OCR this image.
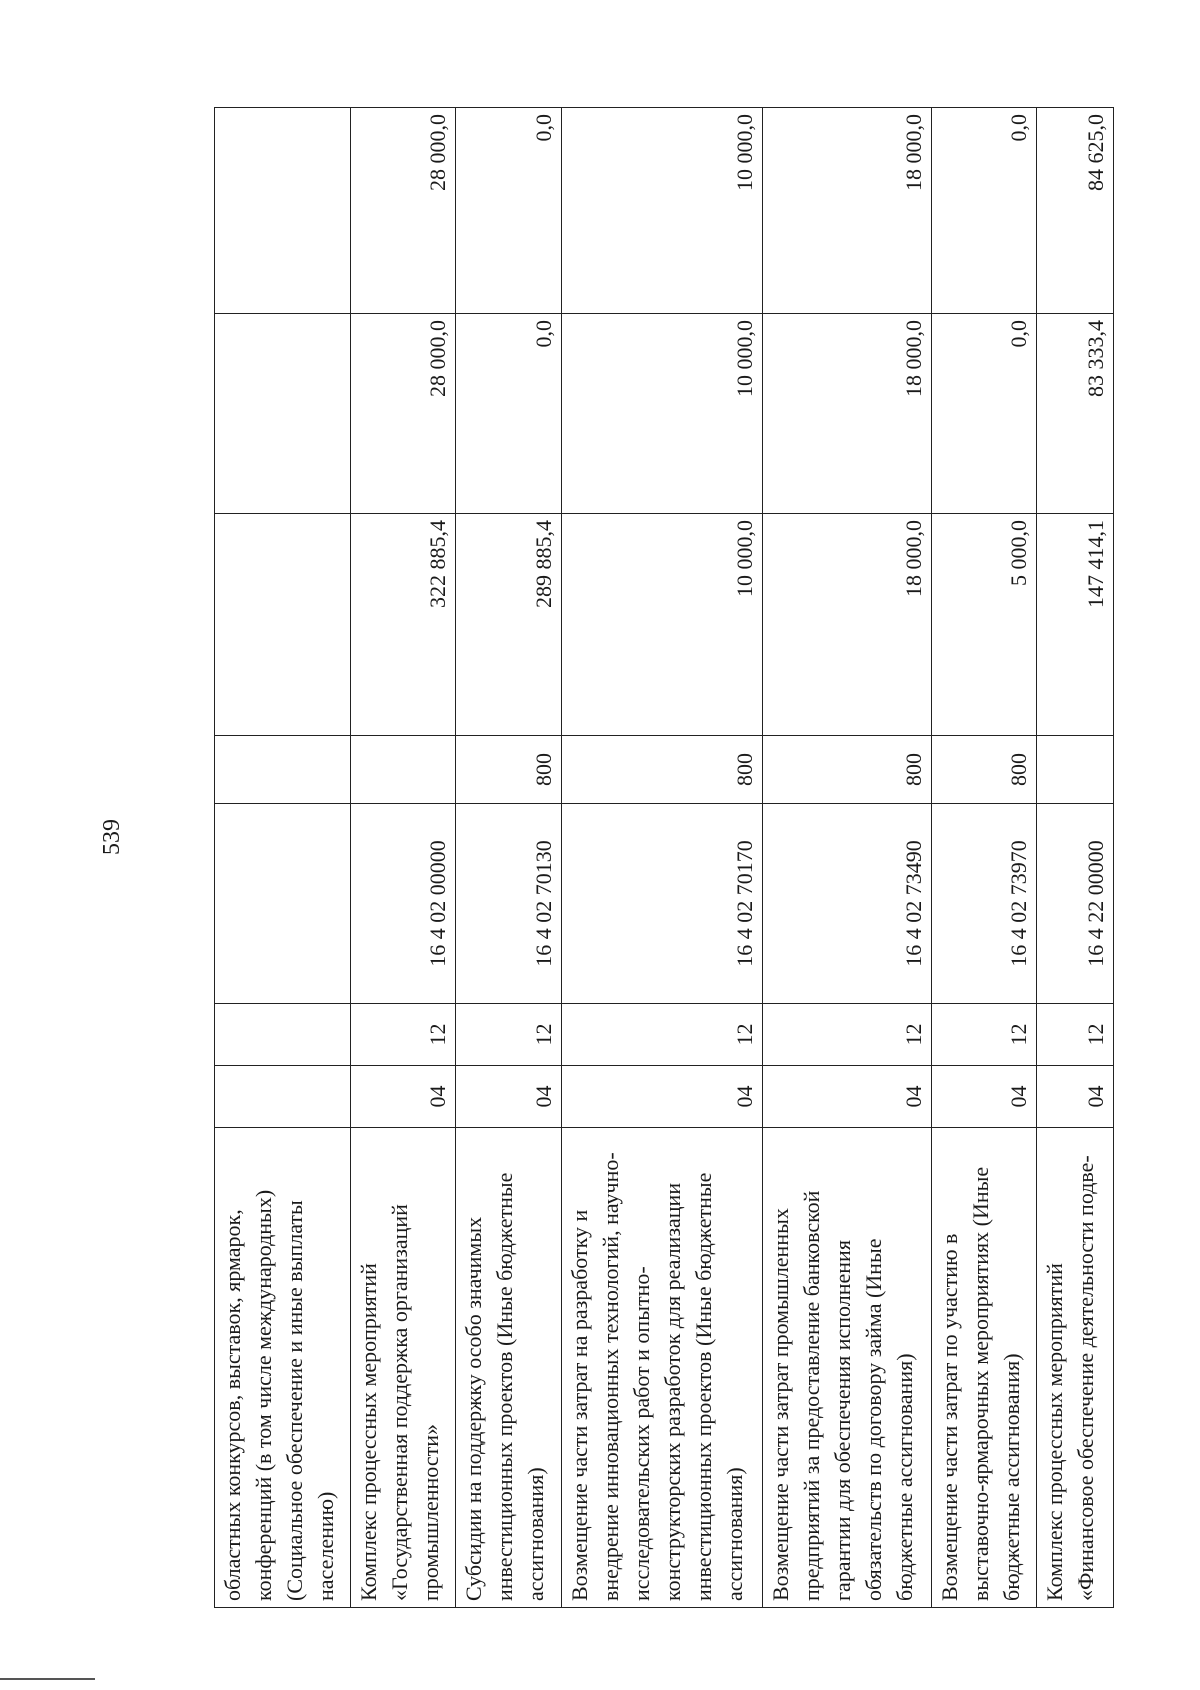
539
областных конкурсов, выставок, ярмарок, конференций (в том числе международных) (Социальное обеспечение и иные выплаты населению)							
Комплекс процессных мероприятий «Государственная поддержка организаций промышленности»	04	12	16 4 02 00000		322 885,4	28 000,0	28 000,0
Субсидии на поддержку особо значимых инвестиционных проектов (Иные бюджетные ассигнования)	04	12	16 4 02 70130	800	289 885,4	0,0	0,0
Возмещение части затрат на разработку и внедрение инновационных технологий, научно-исследовательских работ и опытно-конструкторских разработок для реализации инвестиционных проектов (Иные бюджетные ассигнования)	04	12	16 4 02 70170	800	10 000,0	10 000,0	10 000,0
Возмещение части затрат промышленных предприятий за предоставление банковской гарантии для обеспечения исполнения обязательств по договору займа (Иные бюджетные ассигнования)	04	12	16 4 02 73490	800	18 000,0	18 000,0	18 000,0
Возмещение части затрат по участию в выставочно-ярмарочных мероприятиях (Иные бюджетные ассигнования)	04	12	16 4 02 73970	800	5 000,0	0,0	0,0
Комплекс процессных мероприятий «Финансовое обеспечение деятельности подве-	04	12	16 4 22 00000		147 414,1	83 333,4	84 625,0
